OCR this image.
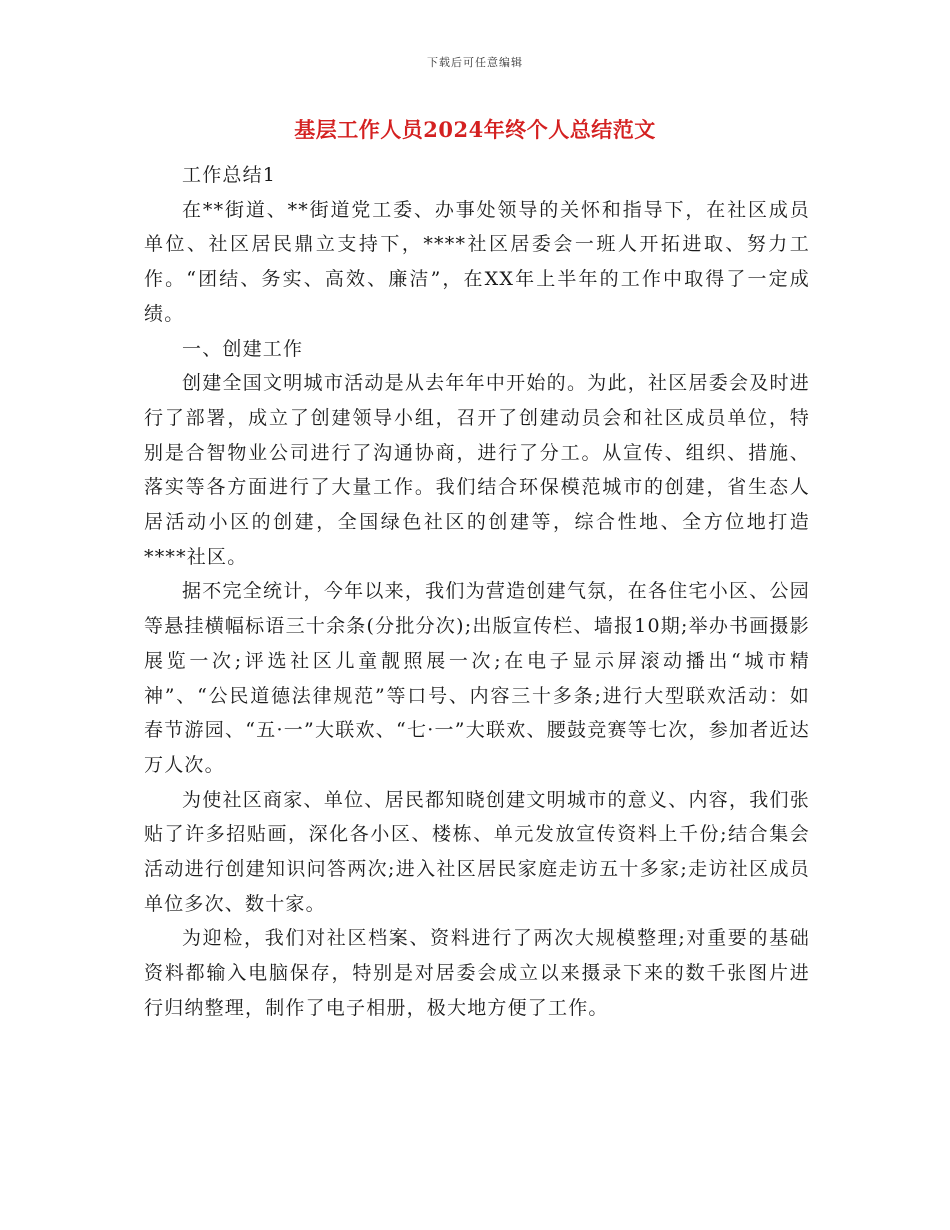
下载后可任意编辑
基层工作人员2024年终个人总结范文

工作总结1

在**街道、**街道党工委、办事处领导的关怀和指导下，在社区成员单位、社区居民鼎立支持下，****社区居委会一班人开拓进取、努力工作。“团结、务实、高效、廉洁”，在XX年上半年的工作中取得了一定成绩。

一、创建工作

创建全国文明城市活动是从去年年中开始的。为此，社区居委会及时进行了部署，成立了创建领导小组，召开了创建动员会和社区成员单位，特别是合智物业公司进行了沟通协商，进行了分工。从宣传、组织、措施、落实等各方面进行了大量工作。我们结合环保模范城市的创建，省生态人居活动小区的创建，全国绿色社区的创建等，综合性地、全方位地打造****社区。

据不完全统计，今年以来，我们为营造创建气氛，在各住宅小区、公园等悬挂横幅标语三十余条(分批分次);出版宣传栏、墙报10期;举办书画摄影展览一次;评选社区儿童靓照展一次;在电子显示屏滚动播出“城市精神”、“公民道德法律规范”等口号、内容三十多条;进行大型联欢活动：如春节游园、“五·一”大联欢、“七·一”大联欢、腰鼓竞赛等七次，参加者近达万人次。

为使社区商家、单位、居民都知晓创建文明城市的意义、内容，我们张贴了许多招贴画，深化各小区、楼栋、单元发放宣传资料上千份;结合集会活动进行创建知识问答两次;进入社区居民家庭走访五十多家;走访社区成员单位多次、数十家。

为迎检，我们对社区档案、资料进行了两次大规模整理;对重要的基础资料都输入电脑保存，特别是对居委会成立以来摄录下来的数千张图片进行归纳整理，制作了电子相册，极大地方便了工作。
